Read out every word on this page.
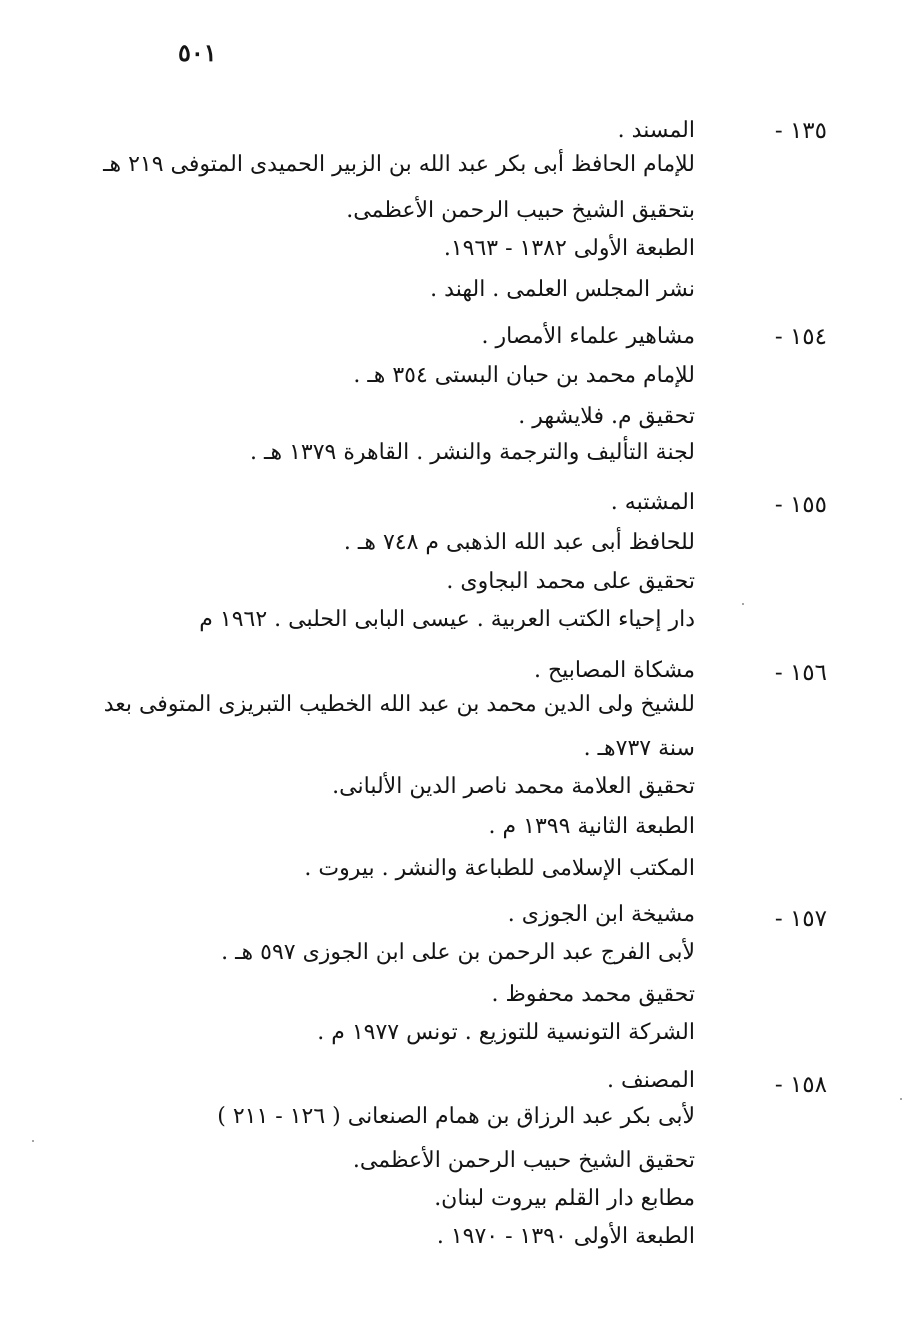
٥٠١
١٣٥ -
المسند .
للإمام الحافظ أبى بكر عبد الله بن الزبير الحميدى المتوفى ٢١٩ هـ
بتحقيق الشيخ حبيب الرحمن الأعظمى.
الطبعة الأولى ١٣٨٢ - ١٩٦٣.
نشر المجلس العلمى . الهند .
١٥٤ -
مشاهير علماء الأمصار .
للإمام محمد بن حبان البستى ٣٥٤ هـ .
تحقيق م. فلايشهر .
لجنة التأليف والترجمة والنشر . القاهرة ١٣٧٩ هـ .
١٥٥ -
المشتبه .
للحافظ أبى عبد الله الذهبى م ٧٤٨ هـ .
تحقيق على محمد البجاوى .
دار إحياء الكتب العربية . عيسى البابى الحلبى . ١٩٦٢ م
١٥٦ -
مشكاة المصابيح .
للشيخ ولى الدين محمد بن عبد الله الخطيب التبريزى المتوفى بعد
سنة ٧٣٧هـ .
تحقيق العلامة محمد ناصر الدين الألبانى.
الطبعة الثانية ١٣٩٩ م .
المكتب الإسلامى للطباعة والنشر . بيروت .
١٥٧ -
مشيخة ابن الجوزى .
لأبى الفرج عبد الرحمن بن على ابن الجوزى ٥٩٧ هـ .
تحقيق محمد محفوظ .
الشركة التونسية للتوزيع . تونس ١٩٧٧ م .
١٥٨ -
المصنف .
لأبى بكر عبد الرزاق بن همام الصنعانى ( ١٢٦ - ٢١١ )
تحقيق الشيخ حبيب الرحمن الأعظمى.
مطابع دار القلم بيروت لبنان.
الطبعة الأولى ١٣٩٠ - ١٩٧٠ .
